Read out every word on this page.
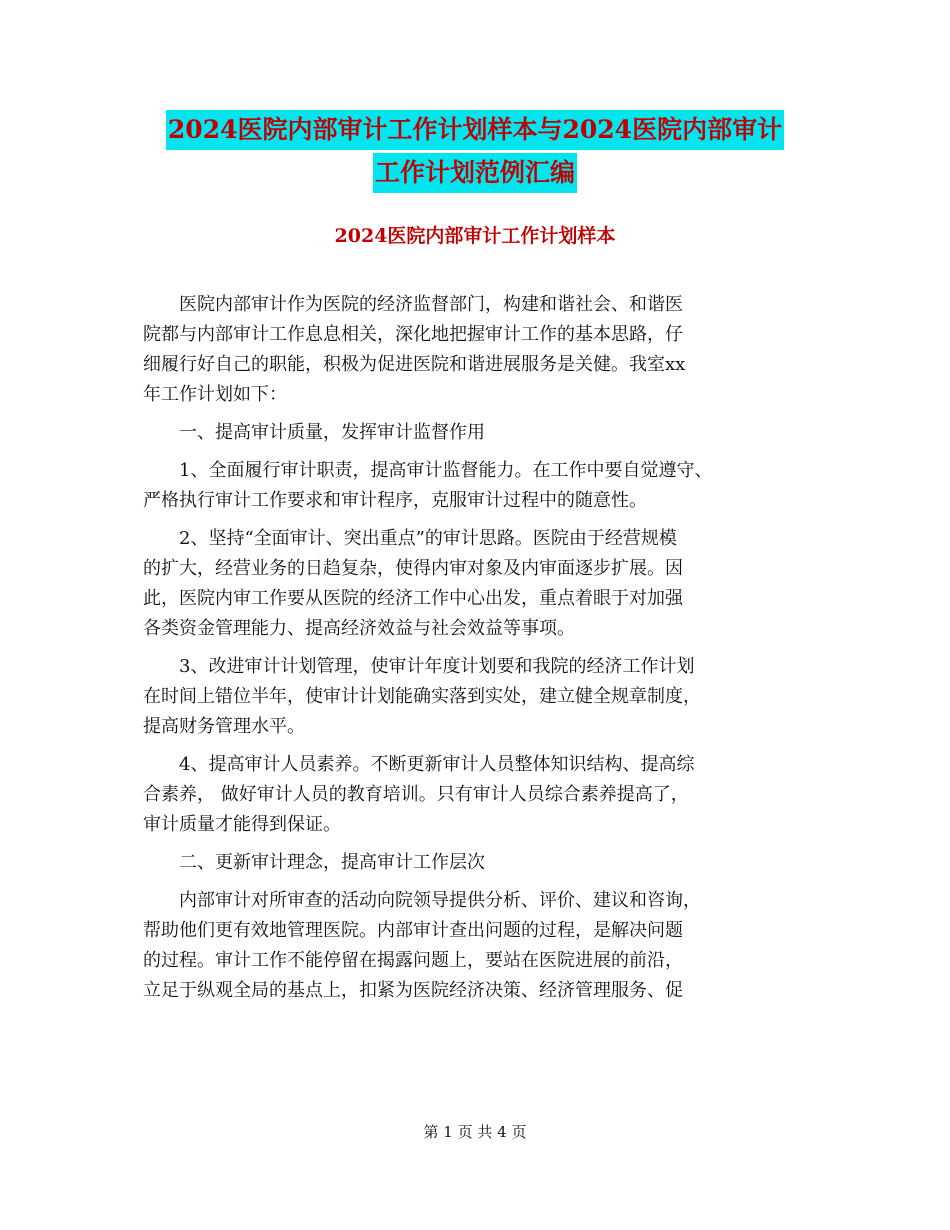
2024医院内部审计工作计划样本与2024医院内部审计
工作计划范例汇编
2024医院内部审计工作计划样本
　　医院内部审计作为医院的经济监督部门，构建和谐社会、和谐医
院都与内部审计工作息息相关，深化地把握审计工作的基本思路，仔
细履行好自己的职能，积极为促进医院和谐进展服务是关健。我室xx
年工作计划如下：
　　一、提高审计质量，发挥审计监督作用
　　1、全面履行审计职责，提高审计监督能力。在工作中要自觉遵守、
严格执行审计工作要求和审计程序，克服审计过程中的随意性。
　　2、坚持“全面审计、突出重点”的审计思路。医院由于经营规模
的扩大，经营业务的日趋复杂，使得内审对象及内审面逐步扩展。因
此，医院内审工作要从医院的经济工作中心出发，重点着眼于对加强
各类资金管理能力、提高经济效益与社会效益等事项。
　　3、改进审计计划管理，使审计年度计划要和我院的经济工作计划
在时间上错位半年，使审计计划能确实落到实处，建立健全规章制度，
提高财务管理水平。
　　4、提高审计人员素养。不断更新审计人员整体知识结构、提高综
合素养， 做好审计人员的教育培训。只有审计人员综合素养提高了，
审计质量才能得到保证。
　　二、更新审计理念，提高审计工作层次
　　内部审计对所审查的活动向院领导提供分析、评价、建议和咨询，
帮助他们更有效地管理医院。内部审计查出问题的过程，是解决问题
的过程。审计工作不能停留在揭露问题上，要站在医院进展的前沿，
立足于纵观全局的基点上，扣紧为医院经济决策、经济管理服务、促
第 1 页 共 4 页
